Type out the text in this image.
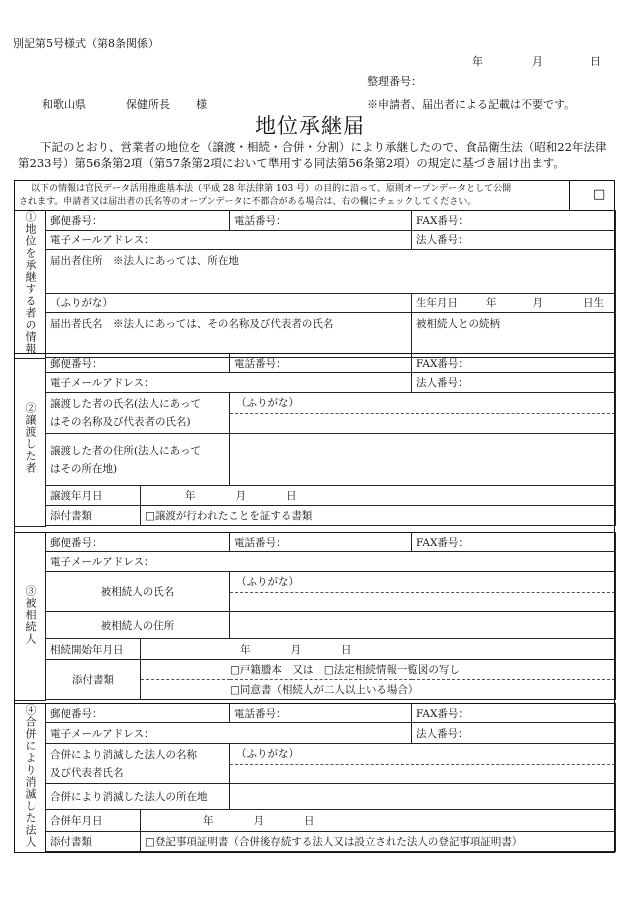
別記第5号様式（第8条関係）
年	月	日
整理番号：
和歌山県	保健所長 様	※申請者、届出者による記載は不要です。
地位承継届
下記のとおり、営業者の地位を（譲渡・相続・合併・分割）により承継したので、食品衛生法（昭和22年法律
第233号）第56条第2項（第57条第2項において準用する同法第56条第2項）の規定に基づき届け出ます。
以下の情報は官民データ活用推進基本法（平成 28 年法律第 103 号）の目的に沿って、原則オープンデータとして公開
されます。申請者又は届出者の氏名等のオープンデータに不都合がある場合は、右の欄にチェックしてください。	□
①地位を承継する者の情報	郵便番号：	電話番号：	FAX番号：
	電子メールアドレス：		法人番号：
	届出者住所　※法人にあっては、所在地		
	（ふりがな）		生年月日 年 月 日生
	届出者氏名　※法人にあっては、その名称及び代表者の氏名		被相続人との続柄

②譲渡した者	郵便番号：		電話番号：	FAX番号：
	電子メールアドレス：			法人番号：

	譲渡した者の氏名(法人にあって
はその名称及び代表者の氏名)		（ふりがな）	

	譲渡した者の住所(法人にあって
はその所在地)			

	譲渡年月日	年 月 日		
	添付書類	□譲渡が行われたことを証する書類		

③被相続人	郵便番号：		電話番号：	FAX番号：
	電子メールアドレス：			
	被相続人の氏名		（ふりがな）	

	被相続人の住所			
	相続開始年月日	年 月 日		
	添付書類	□戸籍謄本　又は　□法定相続情報一覧図の写し		
		□同意書（相続人が二人以上いる場合）		

④合併により消滅した法人	郵便番号：		電話番号：	FAX番号：
	電子メールアドレス：			法人番号：

	合併により消滅した法人の名称
及び代表者氏名		（ふりがな）	

	合併により消滅した法人の所在地			
	合併年月日	年 月 日		
	添付書類	□登記事項証明書（合併後存続する法人又は設立された法人の登記事項証明書）		
